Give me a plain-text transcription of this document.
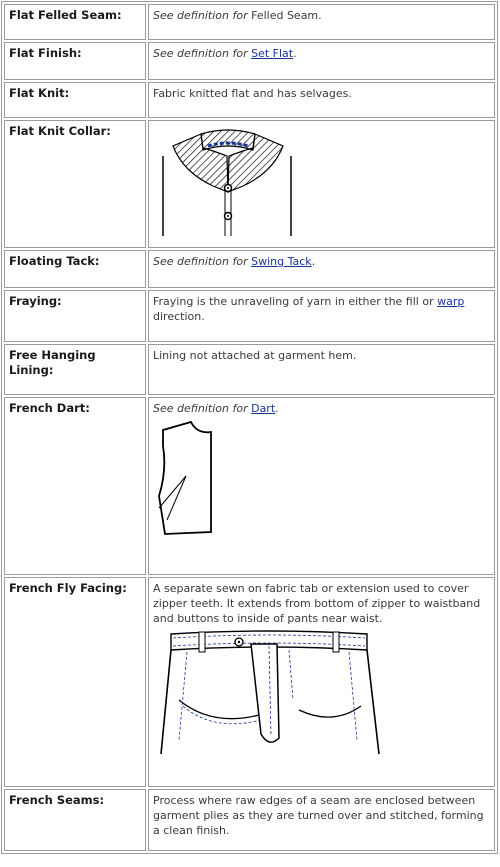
Flat Felled Seam:	See definition for Felled Seam.
Flat Finish:	See definition for Set Flat.
Flat Knit:	Fabric knitted flat and has selvages.
Flat Knit Collar:	

Floating Tack:	See definition for Swing Tack.
Fraying:	Fraying is the unraveling of yarn in either the fill or warp direction.
Free Hanging Lining:	Lining not attached at garment hem.
French Dart:	See definition for Dart.

French Fly Facing:	A separate sewn on fabric tab or extension used to cover zipper teeth. It extends from bottom of zipper to waistband and buttons to inside of pants near waist.

French Seams:	Process where raw edges of a seam are enclosed between garment plies as they are turned over and stitched, forming a clean finish.
